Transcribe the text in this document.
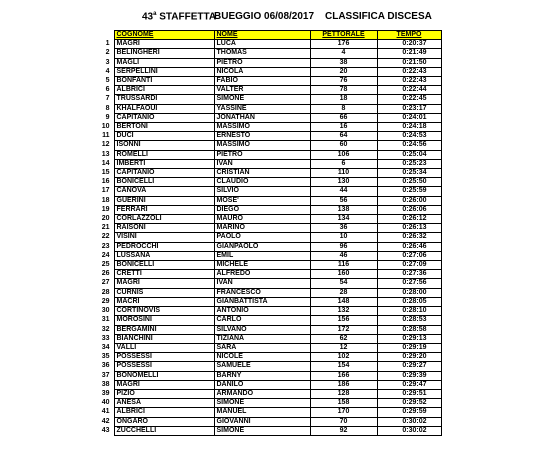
43$^a$ STAFFETTA
BUEGGIO 06/08/2017 CLASSIFICA DISCESA
	COGNOME	NOME	PETTORALE	TEMPO
1	MAGRI	LUCA	176	0:20:37
2	BELINGHERI	THOMAS	4	0:21:49
3	MAGLI	PIETRO	38	0:21:50
4	SERPELLINI	NICOLA	20	0:22:43
5	BONFANTI	FABIO	76	0:22:43
6	ALBRICI	VALTER	78	0:22:44
7	TRUSSARDI	SIMONE	18	0:22:45
8	KHALFAOUI	YASSINE	8	0:23:17
9	CAPITANIO	JONATHAN	66	0:24:01
10	BERTONI	MASSIMO	16	0:24:18
11	DUCI	ERNESTO	64	0:24:53
12	ISONNI	MASSIMO	60	0:24:56
13	ROMELLI	PIETRO	106	0:25:04
14	IMBERTI	IVAN	6	0:25:23
15	CAPITANIO	CRISTIAN	110	0:25:34
16	BONICELLI	CLAUDIO	130	0:25:50
17	CANOVA	SILVIO	44	0:25:59
18	GUERINI	MOSE'	56	0:26:00
19	FERRARI	DIEGO	138	0:26:06
20	CORLAZZOLI	MAURO	134	0:26:12
21	RAISONI	MARINO	36	0:26:13
22	VISINI	PAOLO	10	0:26:32
23	PEDROCCHI	GIANPAOLO	96	0:26:46
24	LUSSANA	EMIL	46	0:27:06
25	BONICELLI	MICHELE	116	0:27:09
26	CRETTI	ALFREDO	160	0:27:36
27	MAGRI	IVAN	54	0:27:56
28	CURNIS	FRANCESCO	28	0:28:00
29	MACRI	GIANBATTISTA	148	0:28:05
30	CORTINOVIS	ANTONIO	132	0:28:10
31	MOROSINI	CARLO	156	0:28:53
32	BERGAMINI	SILVANO	172	0:28:58
33	BIANCHINI	TIZIANA	62	0:29:13
34	VALLI	SARA	12	0:29:19
35	POSSESSI	NICOLE	102	0:29:20
36	POSSESSI	SAMUELE	154	0:29:27
37	BONOMELLI	BARNY	166	0:29:39
38	MAGRI	DANILO	186	0:29:47
39	PIZIO	ARMANDO	128	0:29:51
40	ANESA	SIMONE	158	0:29:52
41	ALBRICI	MANUEL	170	0:29:59
42	ONGARO	GIOVANNI	70	0:30:02
43	ZUCCHELLI	SIMONE	92	0:30:02
